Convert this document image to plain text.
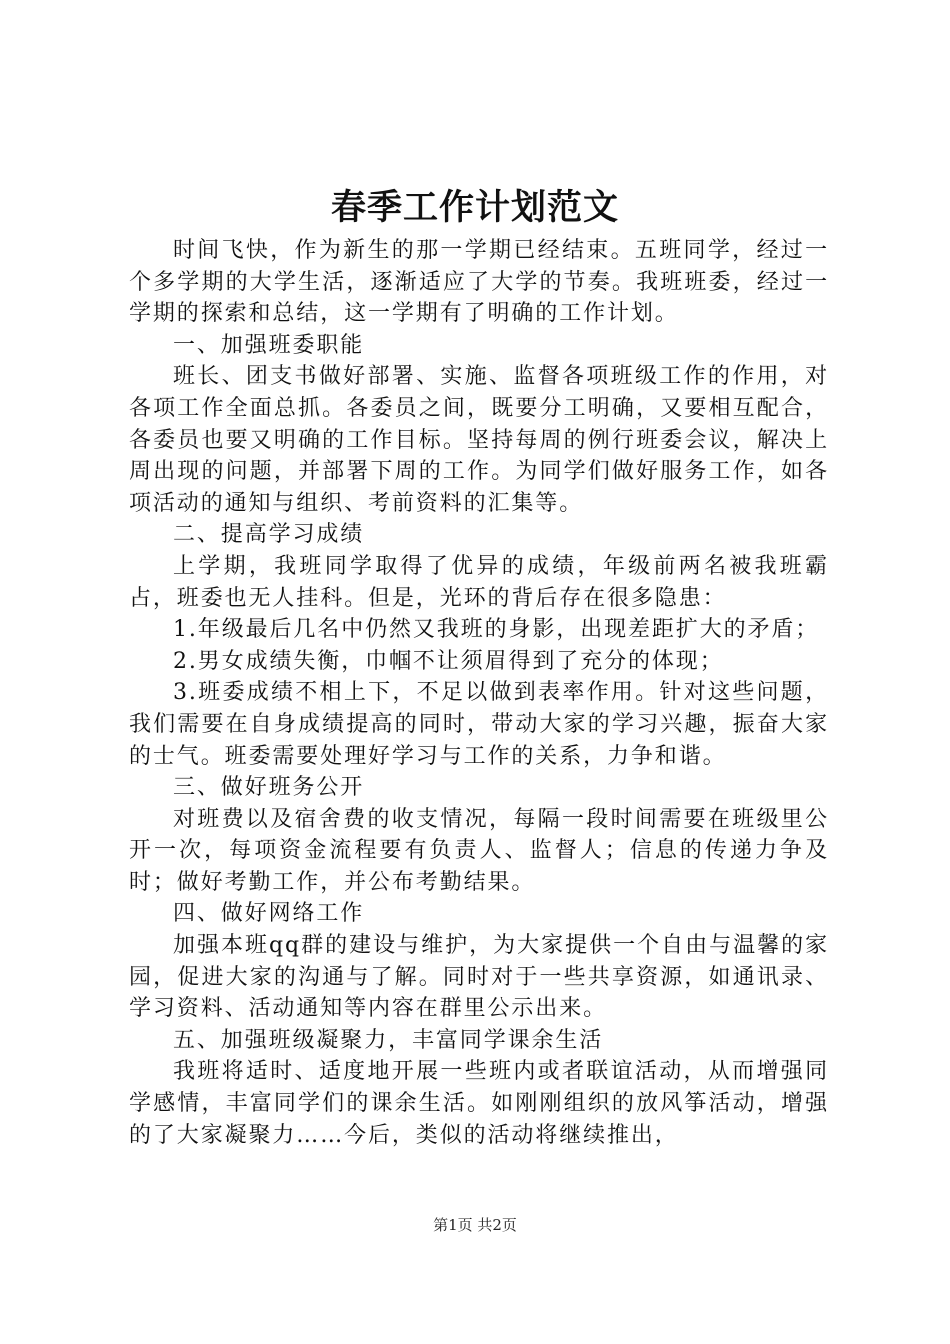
春季工作计划范文

时间飞快，作为新生的那一学期已经结束。五班同学，经过一个多学期的大学生活，逐渐适应了大学的节奏。我班班委，经过一学期的探索和总结，这一学期有了明确的工作计划。

一、加强班委职能

班长、团支书做好部署、实施、监督各项班级工作的作用，对各项工作全面总抓。各委员之间，既要分工明确，又要相互配合，各委员也要又明确的工作目标。坚持每周的例行班委会议，解决上周出现的问题，并部署下周的工作。为同学们做好服务工作，如各项活动的通知与组织、考前资料的汇集等。

二、提高学习成绩

上学期，我班同学取得了优异的成绩，年级前两名被我班霸占，班委也无人挂科。但是，光环的背后存在很多隐患：

1.年级最后几名中仍然又我班的身影，出现差距扩大的矛盾；

2.男女成绩失衡，巾帼不让须眉得到了充分的体现；

3.班委成绩不相上下，不足以做到表率作用。针对这些问题，我们需要在自身成绩提高的同时，带动大家的学习兴趣，振奋大家的士气。班委需要处理好学习与工作的关系，力争和谐。

三、做好班务公开

对班费以及宿舍费的收支情况，每隔一段时间需要在班级里公开一次，每项资金流程要有负责人、监督人；信息的传递力争及时；做好考勤工作，并公布考勤结果。

四、做好网络工作

加强本班qq群的建设与维护，为大家提供一个自由与温馨的家园，促进大家的沟通与了解。同时对于一些共享资源，如通讯录、学习资料、活动通知等内容在群里公示出来。

五、加强班级凝聚力，丰富同学课余生活

我班将适时、适度地开展一些班内或者联谊活动，从而增强同学感情，丰富同学们的课余生活。如刚刚组织的放风筝活动，增强的了大家凝聚力……今后，类似的活动将继续推出，

第1页 共2页
